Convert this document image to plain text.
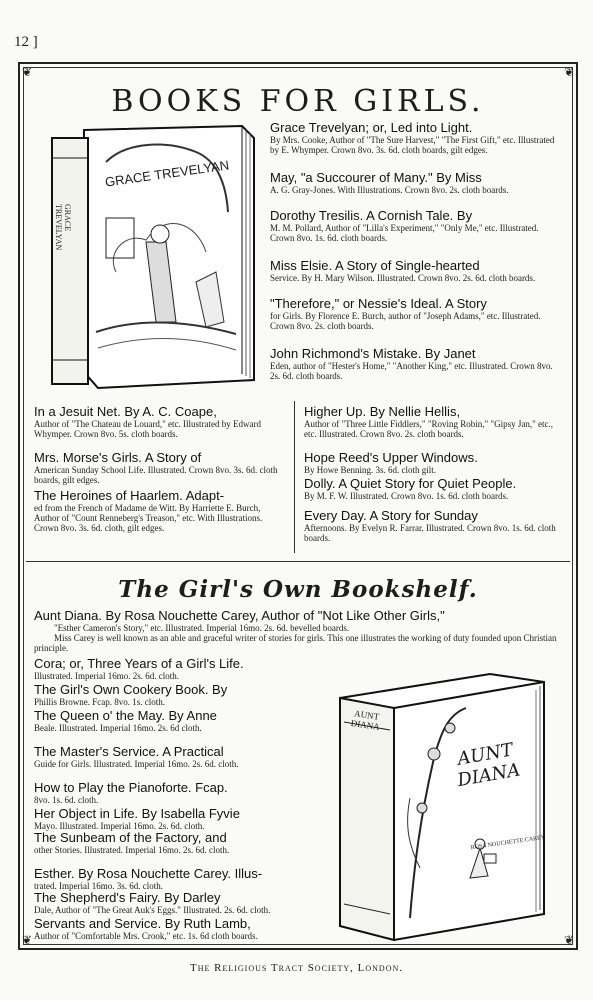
12 ]
❦	❦
❦	❦
BOOKS FOR GIRLS.
GRACE TREVELYAN
GRACE TREVELYAN
Grace Trevelyan; or, Led into Light.
By Mrs. Cooke, Author of "The Sure Harvest," "The First Gift," etc. Illustrated by E. Whymper. Crown 8vo. 3s. 6d. cloth boards, gilt edges.
May, "a Succourer of Many." By Miss
A. G. Gray-Jones. With Illustrations. Crown 8vo. 2s. cloth boards.
Dorothy Tresilis. A Cornish Tale. By
M. M. Pollard, Author of "Lilla's Experiment," "Only Me," etc. Illustrated. Crown 8vo. 1s. 6d. cloth boards.
Miss Elsie. A Story of Single-hearted
Service. By H. Mary Wilson. Illustrated. Crown 8vo. 2s. 6d. cloth boards.
"Therefore," or Nessie's Ideal. A Story
for Girls. By Florence E. Burch, author of "Joseph Adams," etc. Illustrated. Crown 8vo. 2s. cloth boards.
John Richmond's Mistake. By Janet
Eden, author of "Hester's Home," "Another King," etc. Illustrated. Crown 8vo. 2s. 6d. cloth boards.
In a Jesuit Net. By A. C. Coape,
Author of "The Chateau de Louard," etc. Illustrated by Edward Whymper. Crown 8vo. 5s. cloth boards.
Mrs. Morse's Girls. A Story of
American Sunday School Life. Illustrated. Crown 8vo. 3s. 6d. cloth boards, gilt edges.
The Heroines of Haarlem. Adapt-
ed from the French of Madame de Witt. By Harriette E. Burch, Author of "Count Renneberg's Treason," etc. With Illustrations. Crown 8vo. 3s. 6d. cloth, gilt edges.
Higher Up. By Nellie Hellis,
Author of "Three Little Fiddlers," "Roving Robin," "Gipsy Jan," etc., etc. Illustrated. Crown 8vo. 2s. cloth boards.
Hope Reed's Upper Windows.
By Howe Benning. 3s. 6d. cloth gilt.
Dolly. A Quiet Story for Quiet People.
By M. F. W. Illustrated. Crown 8vo. 1s. 6d. cloth boards.
Every Day. A Story for Sunday
Afternoons. By Evelyn R. Farrar. Illustrated. Crown 8vo. 1s. 6d. cloth boards.
The Girl's Own Bookshelf.
Aunt Diana. By Rosa Nouchette Carey, Author of "Not Like Other Girls,"
"Esther Cameron's Story," etc. Illustrated. Imperial 16mo. 2s. 6d. bevelled boards.
Miss Carey is well known as an able and graceful writer of stories for girls. This one illustrates the working of duty founded upon Christian principle.
Cora; or, Three Years of a Girl's Life.
Illustrated. Imperial 16mo. 2s. 6d. cloth.
The Girl's Own Cookery Book. By
Phillis Browne. Fcap. 8vo. 1s. cloth.
The Queen o' the May. By Anne
Beale. Illustrated. Imperial 16mo. 2s. 6d cloth.
The Master's Service. A Practical
Guide for Girls. Illustrated. Imperial 16mo. 2s. 6d. cloth.
How to Play the Pianoforte. Fcap.
8vo. 1s. 6d. cloth.
Her Object in Life. By Isabella Fyvie
Mayo. Illustrated. Imperial 16mo. 2s. 6d. cloth.
The Sunbeam of the Factory, and
other Stories. Illustrated. Imperial 16mo. 2s. 6d. cloth.
Esther. By Rosa Nouchette Carey. Illus-
trated. Imperial 16mo. 3s. 6d. cloth.
The Shepherd's Fairy. By Darley
Dale, Author of "The Great Auk's Eggs." Illustrated. 2s. 6d. cloth.
Servants and Service. By Ruth Lamb,
Author of "Comfortable Mrs. Crook," etc. 1s. 6d cloth boards.
AUNT DIANA
AUNT DIANA
ROSA NOUCHETTE CAREY
The Religious Tract Society, London.
